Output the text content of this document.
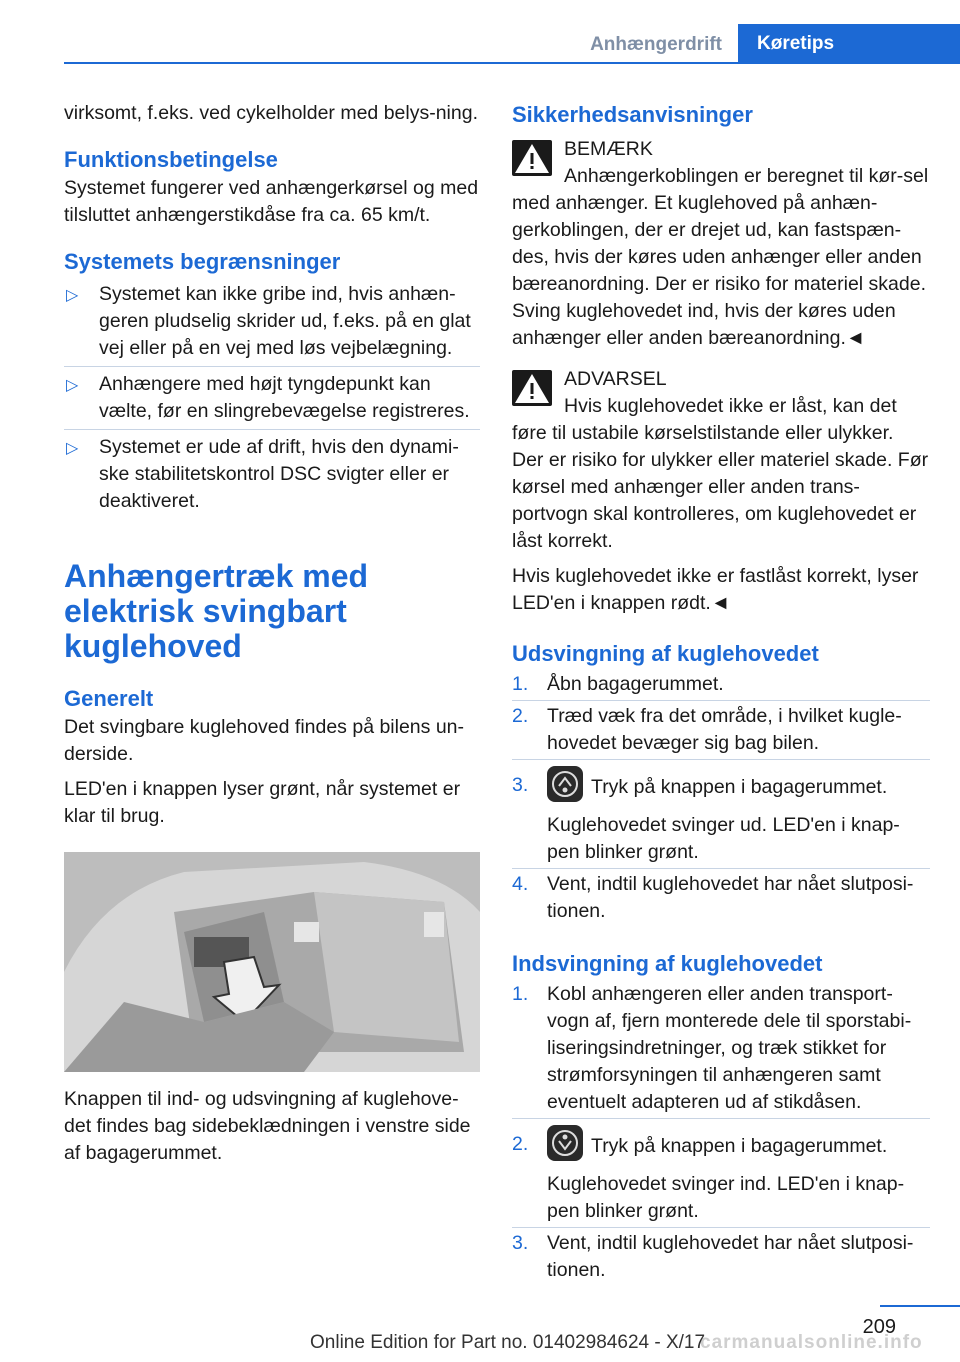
Anhængerdrift	Køretips

virksomt, f.eks. ved cykelholder med belys-ning.

Funktionsbetingelse

Systemet fungerer ved anhængerkørsel og med tilsluttet anhængerstikdåse fra ca. 65 km/t.

Systemets begrænsninger
▷ Systemet kan ikke gribe ind, hvis anhæn-geren pludselig skrider ud, f.eks. på en glat vej eller på en vej med løs vejbelægning.
▷ Anhængere med højt tyngdepunkt kan vælte, før en slingrebevægelse registreres.
▷ Systemet er ude af drift, hvis den dynami-ske stabilitetskontrol DSC svigter eller er deaktiveret.
Anhængertræk med elektrisk svingbart kuglehoved
Generelt

Det svingbare kuglehoved findes på bilens un-derside.

LED'en i knappen lyser grønt, når systemet er klar til brug.

Knappen til ind- og udsvingning af kuglehove-det findes bag sidebeklædningen i venstre side af bagagerummet.

Sikkerhedsanvisninger

BEMÆRK

Anhængerkoblingen er beregnet til kør-sel med anhænger. Et kuglehoved på anhæn-gerkoblingen, der er drejet ud, kan fastspæn-des, hvis der køres uden anhænger eller anden bæreanordning. Der er risiko for materiel skade. Sving kuglehovedet ind, hvis der køres uden anhænger eller anden bæreanordning.◄

ADVARSEL

Hvis kuglehovedet ikke er låst, kan det føre til ustabile kørselstilstande eller ulykker. Der er risiko for ulykker eller materiel skade. Før kørsel med anhænger eller anden trans-portvogn skal kontrolleres, om kuglehovedet er låst korrekt.

Hvis kuglehovedet ikke er fastlåst korrekt, lyser LED'en i knappen rødt.◄

Udsvingning af kuglehovedet
1. Åbn bagagerummet.
2. Træd væk fra det område, i hvilket kugle-hovedet bevæger sig bag bilen.
3.	Tryk på knappen i bagagerummet.
Kuglehovedet svinger ud. LED'en i knap-pen blinker grønt.
4. Vent, indtil kuglehovedet har nået slutposi-tionen.
Indsvingning af kuglehovedet
1. Kobl anhængeren eller anden transport-vogn af, fjern monterede dele til sporstabi-liseringsindretninger, og træk stikket for strømforsyningen til anhængeren samt eventuelt adapteren ud af stikdåsen.
2.	Tryk på knappen i bagagerummet.
Kuglehovedet svinger ind. LED'en i knap-pen blinker grønt.
3. Vent, indtil kuglehovedet har nået slutposi-tionen.
209
carmanualsonline.info
Online Edition for Part no. 01402984624 - X/17
